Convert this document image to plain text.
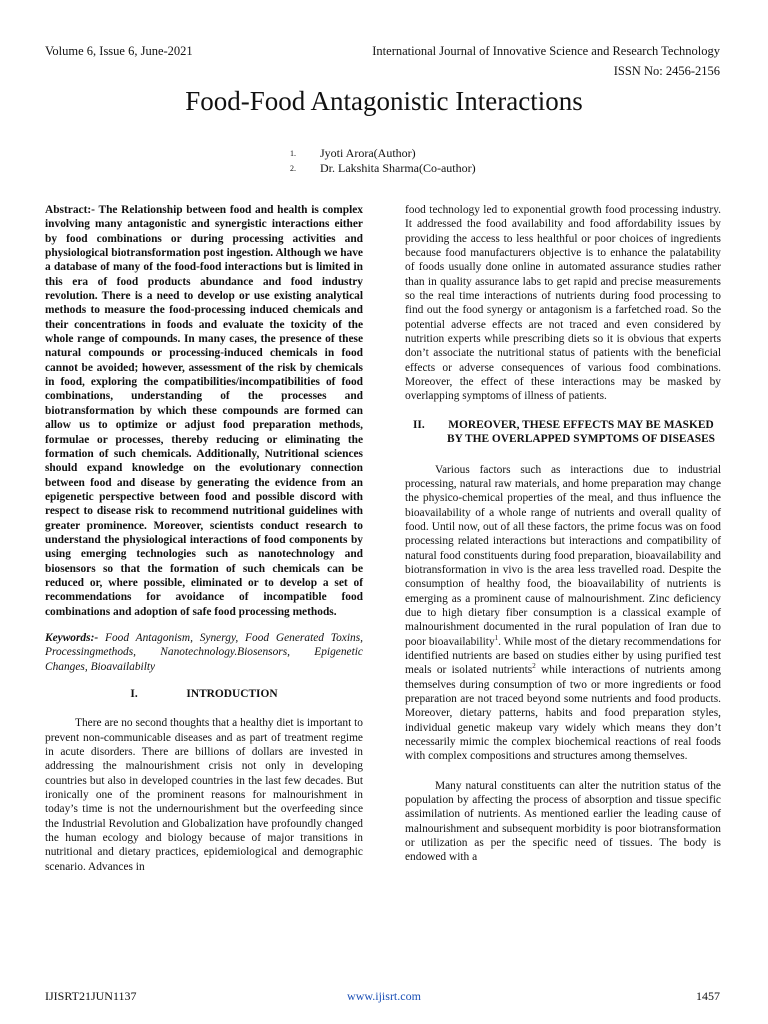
Volume 6, Issue 6, June-2021	International Journal of Innovative Science and Research Technology
ISSN No: 2456-2156
Food-Food Antagonistic Interactions
1. Jyoti Arora(Author)
2. Dr. Lakshita Sharma(Co-author)

Abstract:- The Relationship between food and health is complex involving many antagonistic and synergistic interactions either by food combinations or during processing activities and physiological biotransformation post ingestion. Although we have a database of many of the food-food interactions but is limited in this era of food products abundance and food industry revolution. There is a need to develop or use existing analytical methods to measure the food-processing induced chemicals and their concentrations in foods and evaluate the toxicity of the whole range of compounds. In many cases, the presence of these natural compounds or processing-induced chemicals in food cannot be avoided; however, assessment of the risk by chemicals in food, exploring the compatibilities/incompatibilities of food combinations, understanding of the processes and biotransformation by which these compounds are formed can allow us to optimize or adjust food preparation methods, formulae or processes, thereby reducing or eliminating the formation of such chemicals. Additionally, Nutritional sciences should expand knowledge on the evolutionary connection between food and disease by generating the evidence from an epigenetic perspective between food and possible discord with respect to disease risk to recommend nutritional guidelines with greater prominence. Moreover, scientists conduct research to understand the physiological interactions of food components by using emerging technologies such as nanotechnology and biosensors so that the formation of such chemicals can be reduced or, where possible, eliminated or to develop a set of recommendations for avoidance of incompatible food combinations and adoption of safe food processing methods.

Keywords:- Food Antagonism, Synergy, Food Generated Toxins, Processingmethods, Nanotechnology.Biosensors, Epigenetic Changes, Bioavailabilty

I.	INTRODUCTION

There are no second thoughts that a healthy diet is important to prevent non-communicable diseases and as part of treatment regime in acute disorders. There are billions of dollars are invested in addressing the malnourishment crisis not only in developing countries but also in developed countries in the last few decades. But ironically one of the prominent reasons for malnourishment in today’s time is not the undernourishment but the overfeeding since the Industrial Revolution and Globalization have profoundly changed the human ecology and biology because of major transitions in nutritional and dietary practices, epidemiological and demographic scenario. Advances in

food technology led to exponential growth food processing industry. It addressed the food availability and food affordability issues by providing the access to less healthful or poor choices of ingredients because food manufacturers objective is to enhance the palatability of foods usually done online in automated assurance studies rather than in quality assurance labs to get rapid and precise measurements so the real time interactions of nutrients during food processing to find out the food synergy or antagonism is a farfetched road. So the potential adverse effects are not traced and even considered by nutrition experts while prescribing diets so it is obvious that experts don’t associate the nutritional status of patients with the beneficial effects or adverse consequences of various food combinations. Moreover, the effect of these interactions may be masked by overlapping symptoms of illness of patients.

II. MOREOVER, THESE EFFECTS MAY BE MASKED BY THE OVERLAPPED SYMPTOMS OF DISEASES

Various factors such as interactions due to industrial processing, natural raw materials, and home preparation may change the physico-chemical properties of the meal, and thus influence the bioavailability of a whole range of nutrients and overall quality of food. Until now, out of all these factors, the prime focus was on food processing related interactions but interactions and compatibility of natural food constituents during food preparation, bioavailability and biotransformation in vivo is the area less travelled road. Despite the consumption of healthy food, the bioavailability of nutrients is emerging as a prominent cause of malnourishment. Zinc deficiency due to high dietary fiber consumption is a classical example of malnourishment documented in the rural population of Iran due to poor bioavailability$^1$. While most of the dietary recommendations for identified nutrients are based on studies either by using purified test meals or isolated nutrients$^2$ while interactions of nutrients among themselves during consumption of two or more ingredients or food preparation are not traced beyond some nutrients and food products. Moreover, dietary patterns, habits and food preparation styles, individual genetic makeup vary widely which means they don’t necessarily mimic the complex biochemical reactions of real foods with complex compositions and structures among themselves.

Many natural constituents can alter the nutrition status of the population by affecting the process of absorption and tissue specific assimilation of nutrients. As mentioned earlier the leading cause of malnourishment and subsequent morbidity is poor biotransformation or utilization as per the specific need of tissues. The body is endowed with a

IJISRT21JUN1137	www.ijisrt.com	1457
